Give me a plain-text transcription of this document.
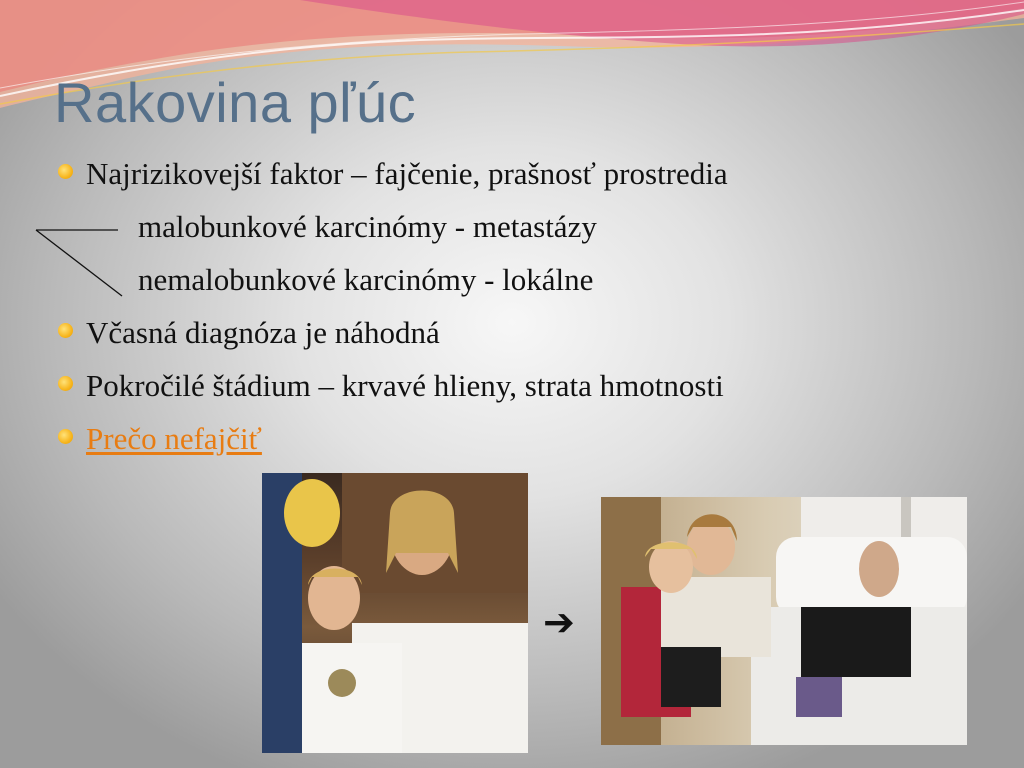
Rakovina pľúc
Najrizikovejší faktor – fajčenie, prašnosť prostredia
malobunkové karcinómy - metastázy
nemalobunkové karcinómy - lokálne
Včasná diagnóza je náhodná
Pokročilé štádium – krvavé hlieny, strata hmotnosti
Prečo nefajčiť
➔
